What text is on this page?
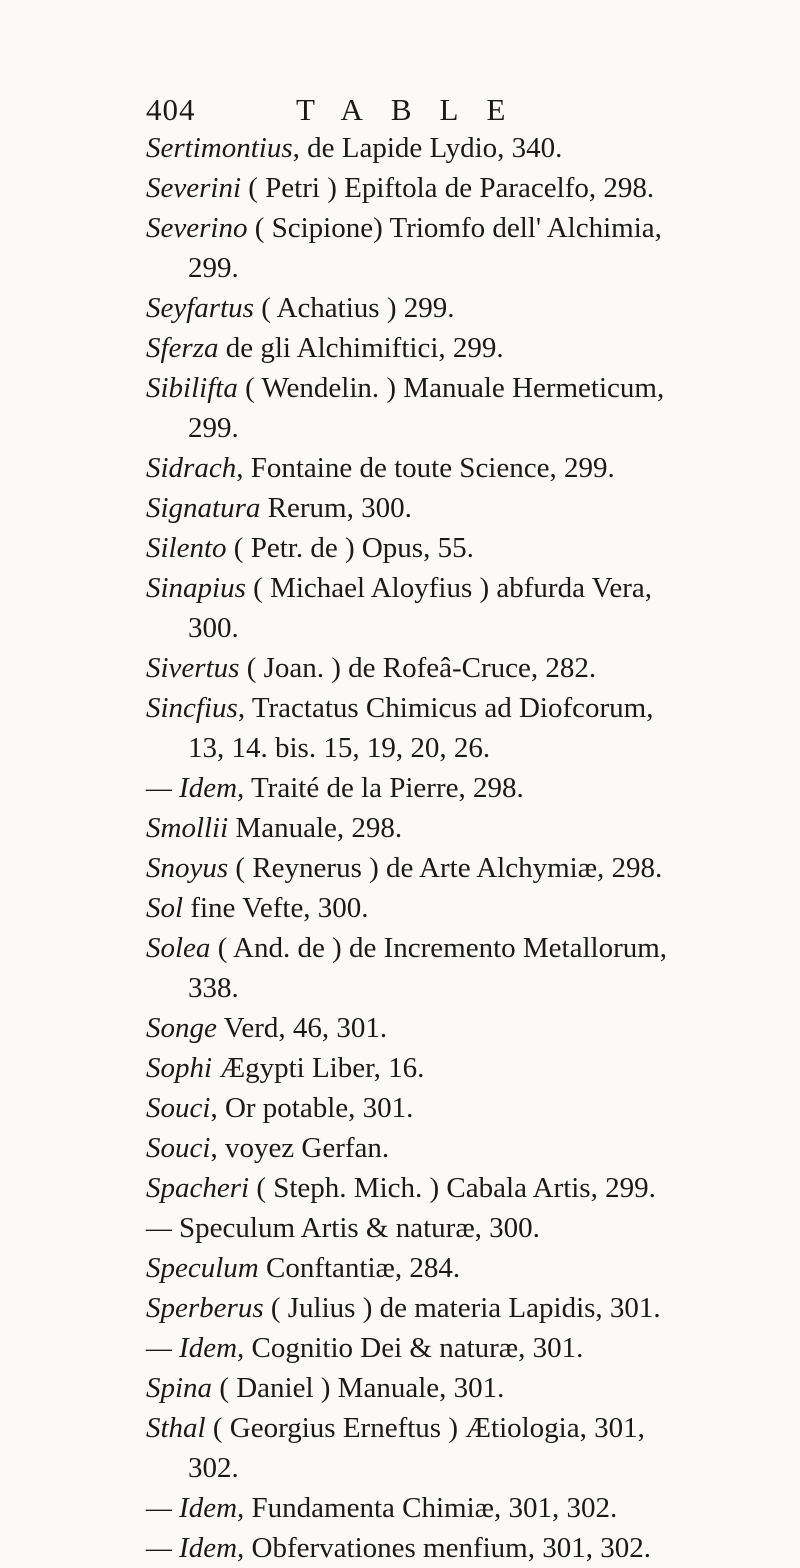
404	TABLE
Sertimontius, de Lapide Lydio, 340.
Severini ( Petri ) Epiftola de Paracelfo, 298.
Severino ( Scipione) Triomfo dell' Alchimia,
299.
Seyfartus ( Achatius ) 299.
Sferza de gli Alchimiftici, 299.
Sibilifta ( Wendelin. ) Manuale Hermeticum,
299.
Sidrach, Fontaine de toute Science, 299.
Signatura Rerum, 300.
Silento ( Petr. de ) Opus, 55.
Sinapius ( Michael Aloyfius ) abfurda Vera,
300.
Sivertus ( Joan. ) de Rofeâ-Cruce, 282.
Sincfius, Tractatus Chimicus ad Diofcorum,
13, 14. bis. 15, 19, 20, 26.
— Idem, Traité de la Pierre, 298.
Smollii Manuale, 298.
Snoyus ( Reynerus ) de Arte Alchymiæ, 298.
Sol fine Vefte, 300.
Solea ( And. de ) de Incremento Metallorum,
338.
Songe Verd, 46, 301.
Sophi Ægypti Liber, 16.
Souci, Or potable, 301.
Souci, voyez Gerfan.
Spacheri ( Steph. Mich. ) Cabala Artis, 299.
— Speculum Artis & naturæ, 300.
Speculum Conftantiæ, 284.
Sperberus ( Julius ) de materia Lapidis, 301.
— Idem, Cognitio Dei & naturæ, 301.
Spina ( Daniel ) Manuale, 301.
Sthal ( Georgius Erneftus ) Ætiologia, 301,
302.
— Idem, Fundamenta Chimiæ, 301, 302.
— Idem, Obfervationes menfium, 301, 302.
